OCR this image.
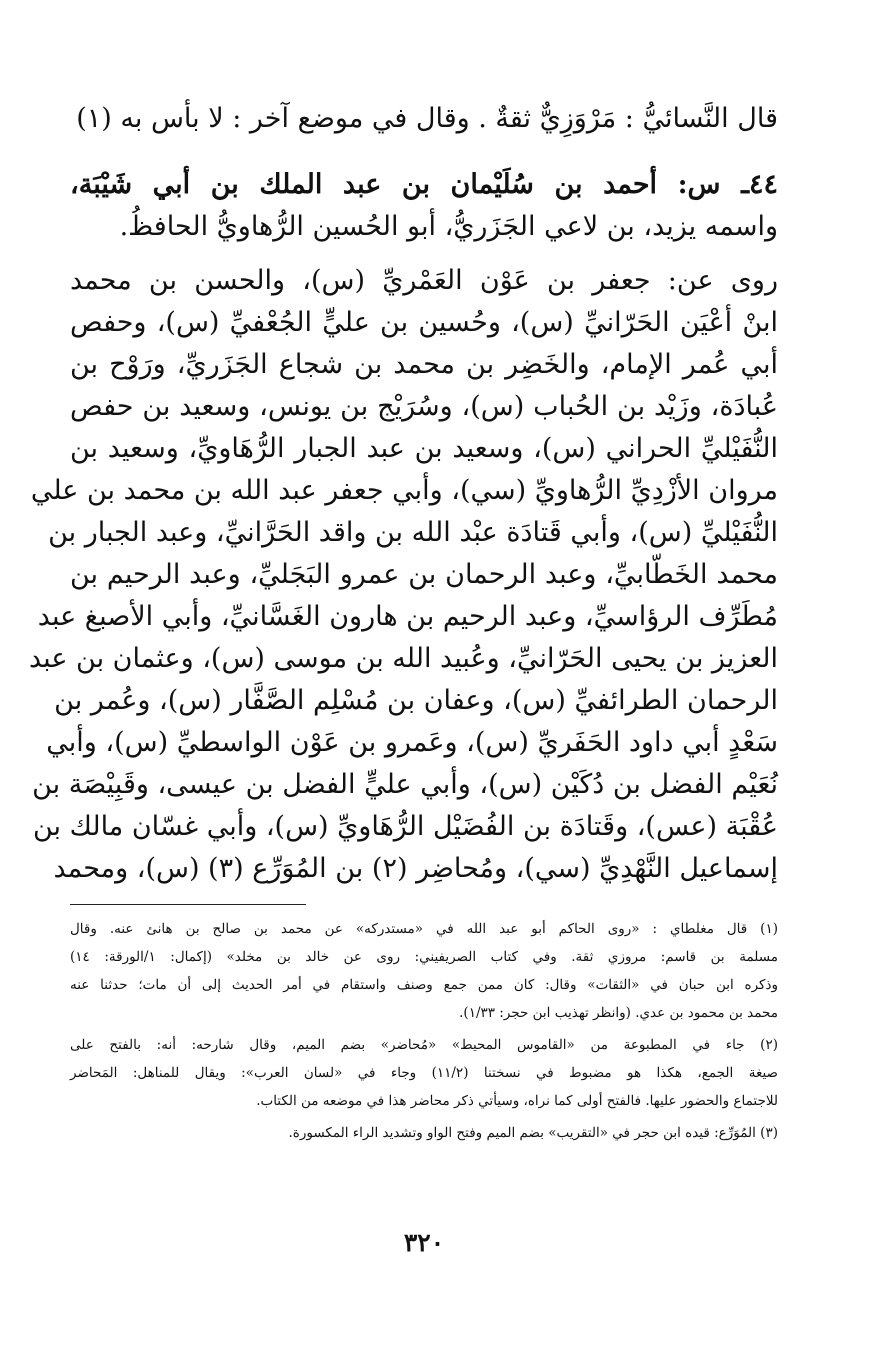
قال النَّسائيُّ : مَرْوَزِيٌّ ثقةٌ . وقال في موضع آخر : لا بأس به (١)
٤٤ـ س: أحمد بن سُلَيْمان بن عبد الملك بن أبي شَيْبَة،
واسمه يزيد، بن لاعي الجَزَريُّ، أبو الحُسين الرُّهاويُّ الحافظُ.
روى عن: جعفر بن عَوْن العَمْريِّ (س)، والحسن بن محمد
ابنْ أعْيَن الحَرّانيِّ (س)، وحُسين بن عليٍّ الجُعْفيِّ (س)، وحفص
أبي عُمر الإمام، والخَضِر بن محمد بن شجاع الجَزَريِّ، ورَوْح بن
عُبادَة، وزَيْد بن الحُباب (س)، وسُرَيْج بن يونس، وسعيد بن حفص
النُّفَيْليِّ الحراني (س)، وسعيد بن عبد الجبار الرُّهَاويِّ، وسعيد بن
مروان الأزْدِيِّ الرُّهاويِّ (سي)، وأبي جعفر عبد الله بن محمد بن علي
النُّفَيْليِّ (س)، وأبي قَتادَة عبْد الله بن واقد الحَرَّانيِّ، وعبد الجبار بن
محمد الخَطّابيِّ، وعبد الرحمان بن عمرو البَجَليِّ، وعبد الرحيم بن
مُطَرِّف الرؤاسيِّ، وعبد الرحيم بن هارون الغَسَّانيِّ، وأبي الأصبغ عبد
العزيز بن يحيى الحَرّانيِّ، وعُبيد الله بن موسى (س)، وعثمان بن عبد
الرحمان الطرائفيِّ (س)، وعفان بن مُسْلِم الصَّفَّار (س)، وعُمر بن
سَعْدٍ أبي داود الحَفَريِّ (س)، وعَمرو بن عَوْن الواسطيِّ (س)، وأبي
نُعَيْم الفضل بن دُكَيْن (س)، وأبي عليٍّ الفضل بن عيسى، وقَبِيْصَة بن
عُقْبَة (عس)، وقَتادَة بن الفُضَيْل الرُّهَاويِّ (س)، وأبي غسّان مالك بن
إسماعيل النَّهْدِيِّ (سي)، ومُحاضِر (٢) بن المُوَرِّع (٣) (س)، ومحمد
(١) قال مغلطاي : «روى الحاكم أبو عبد الله في «مستدركه» عن محمد بن صالح بن هانئ عنه. وقال
مسلمة بن قاسم: مروزي ثقة. وفي كتاب الصريفيني: روى عن خالد بن مخلد» (إكمال: ١/الورقة: ١٤)
وذكره ابن حبان في «الثقات» وقال: كان ممن جمع وصنف واستقام في أمر الحديث إلى أن مات؛ حدثنا عنه
محمد بن محمود بن عدي. (وانظر تهذيب ابن حجر: ١/٣٣).
(٢) جاء في المطبوعة من «القاموس المحيط» «مُحاضر» بضم الميم، وقال شارحه: أنه: بالفتح على
صيغة الجمع، هكذا هو مضبوط في نسختنا (١١/٢) وجاء في «لسان العرب»: ويقال للمناهل: المَحاضر
للاجتماع والحضور عليها. فالفتح أولى كما نراه، وسيأتي ذكر محاضر هذا في موضعه من الكتاب.
(٣) المُوَرِّع: قيده ابن حجر في «التقريب» بضم الميم وفتح الواو وتشديد الراء المكسورة.
٣٢٠
